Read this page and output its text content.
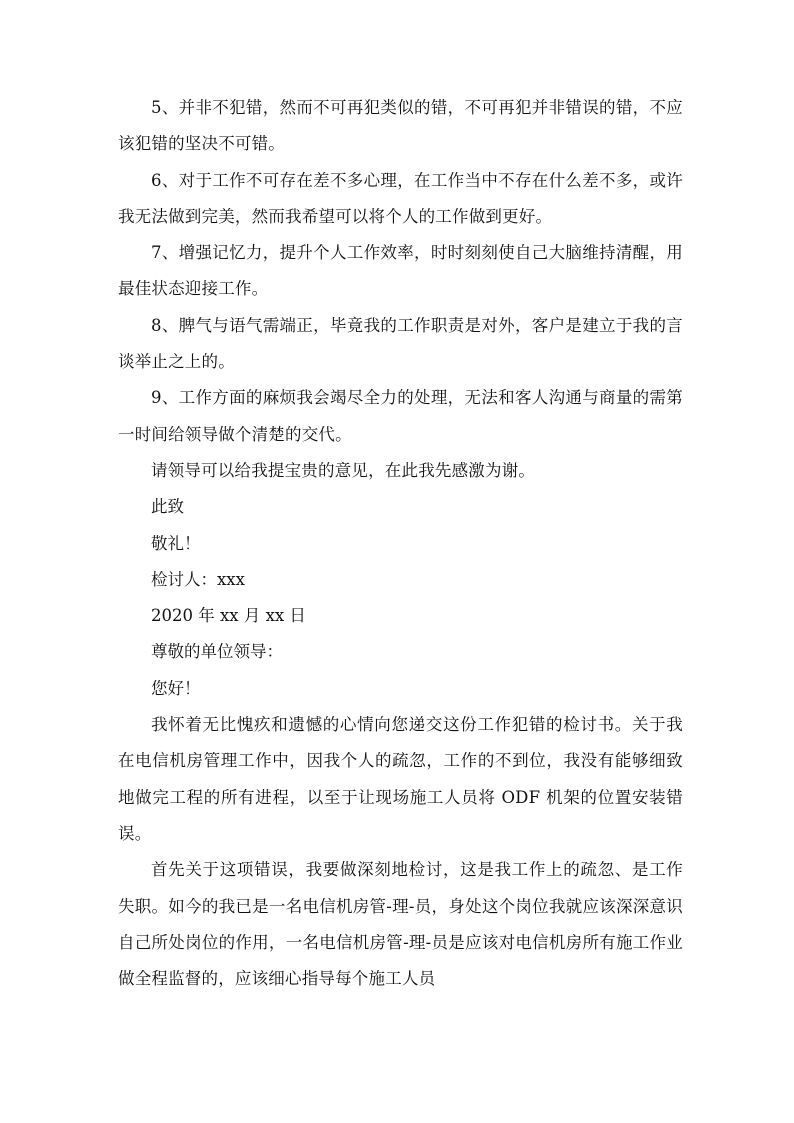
5、并非不犯错，然而不可再犯类似的错，不可再犯并非错误的错，不应该犯错的坚决不可错。

6、对于工作不可存在差不多心理，在工作当中不存在什么差不多，或许我无法做到完美，然而我希望可以将个人的工作做到更好。

7、增强记忆力，提升个人工作效率，时时刻刻使自己大脑维持清醒，用最佳状态迎接工作。

8、脾气与语气需端正，毕竟我的工作职责是对外，客户是建立于我的言谈举止之上的。

9、工作方面的麻烦我会竭尽全力的处理，无法和客人沟通与商量的需第一时间给领导做个清楚的交代。

请领导可以给我提宝贵的意见，在此我先感激为谢。

此致

敬礼！

检讨人：xxx

2020 年 xx 月 xx 日

尊敬的单位领导：

您好！

我怀着无比愧疚和遗憾的心情向您递交这份工作犯错的检讨书。关于我在电信机房管理工作中，因我个人的疏忽，工作的不到位，我没有能够细致地做完工程的所有进程，以至于让现场施工人员将 ODF 机架的位置安装错误。

首先关于这项错误，我要做深刻地检讨，这是我工作上的疏忽、是工作失职。如今的我已是一名电信机房管-理-员，身处这个岗位我就应该深深意识自己所处岗位的作用，一名电信机房管-理-员是应该对电信机房所有施工作业做全程监督的，应该细心指导每个施工人员
